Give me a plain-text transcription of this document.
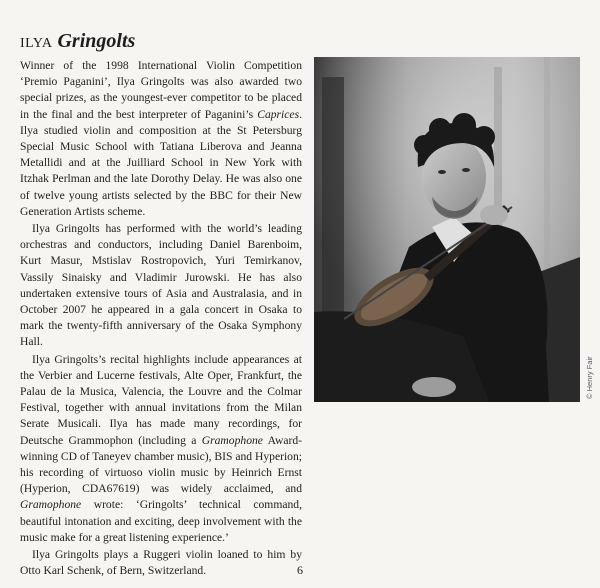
ILYA Gringolts

Winner of the 1998 International Violin Competition ‘Premio Paganini’, Ilya Gringolts was also awarded two special prizes, as the youngest-ever competitor to be placed in the final and the best interpreter of Paganini’s Caprices. Ilya studied violin and composition at the St Petersburg Special Music School with Tatiana Liberova and Jeanna Metallidi and at the Juilliard School in New York with Itzhak Perlman and the late Dorothy Delay. He was also one of twelve young artists selected by the BBC for their New Generation Artists scheme.

Ilya Gringolts has performed with the world’s leading orchestras and conductors, including Daniel Barenboim, Kurt Masur, Mstislav Rostropovich, Yuri Temirkanov, Vassily Sinaisky and Vladimir Jurowski. He has also undertaken extensive tours of Asia and Australasia, and in October 2007 he appeared in a gala concert in Osaka to mark the twenty-fifth anniversary of the Osaka Symphony Hall.

Ilya Gringolts’s recital highlights include appearances at the Verbier and Lucerne festivals, Alte Oper, Frankfurt, the Palau de la Musica, Valencia, the Louvre and the Colmar Festival, together with annual invitations from the Milan Serate Musicali. Ilya has made many recordings, for Deutsche Grammophon (including a Gramophone Award-winning CD of Taneyev chamber music), BIS and Hyperion; his recording of virtuoso violin music by Heinrich Ernst (Hyperion, CDA67619) was widely acclaimed, and Gramophone wrote: ‘Gringolts’ technical command, beautiful intonation and exciting, deep involvement with the music make for a great listening experience.’

Ilya Gringolts plays a Ruggeri violin loaned to him by Otto Karl Schenk, of Bern, Switzerland.

© Henry Fair
6
